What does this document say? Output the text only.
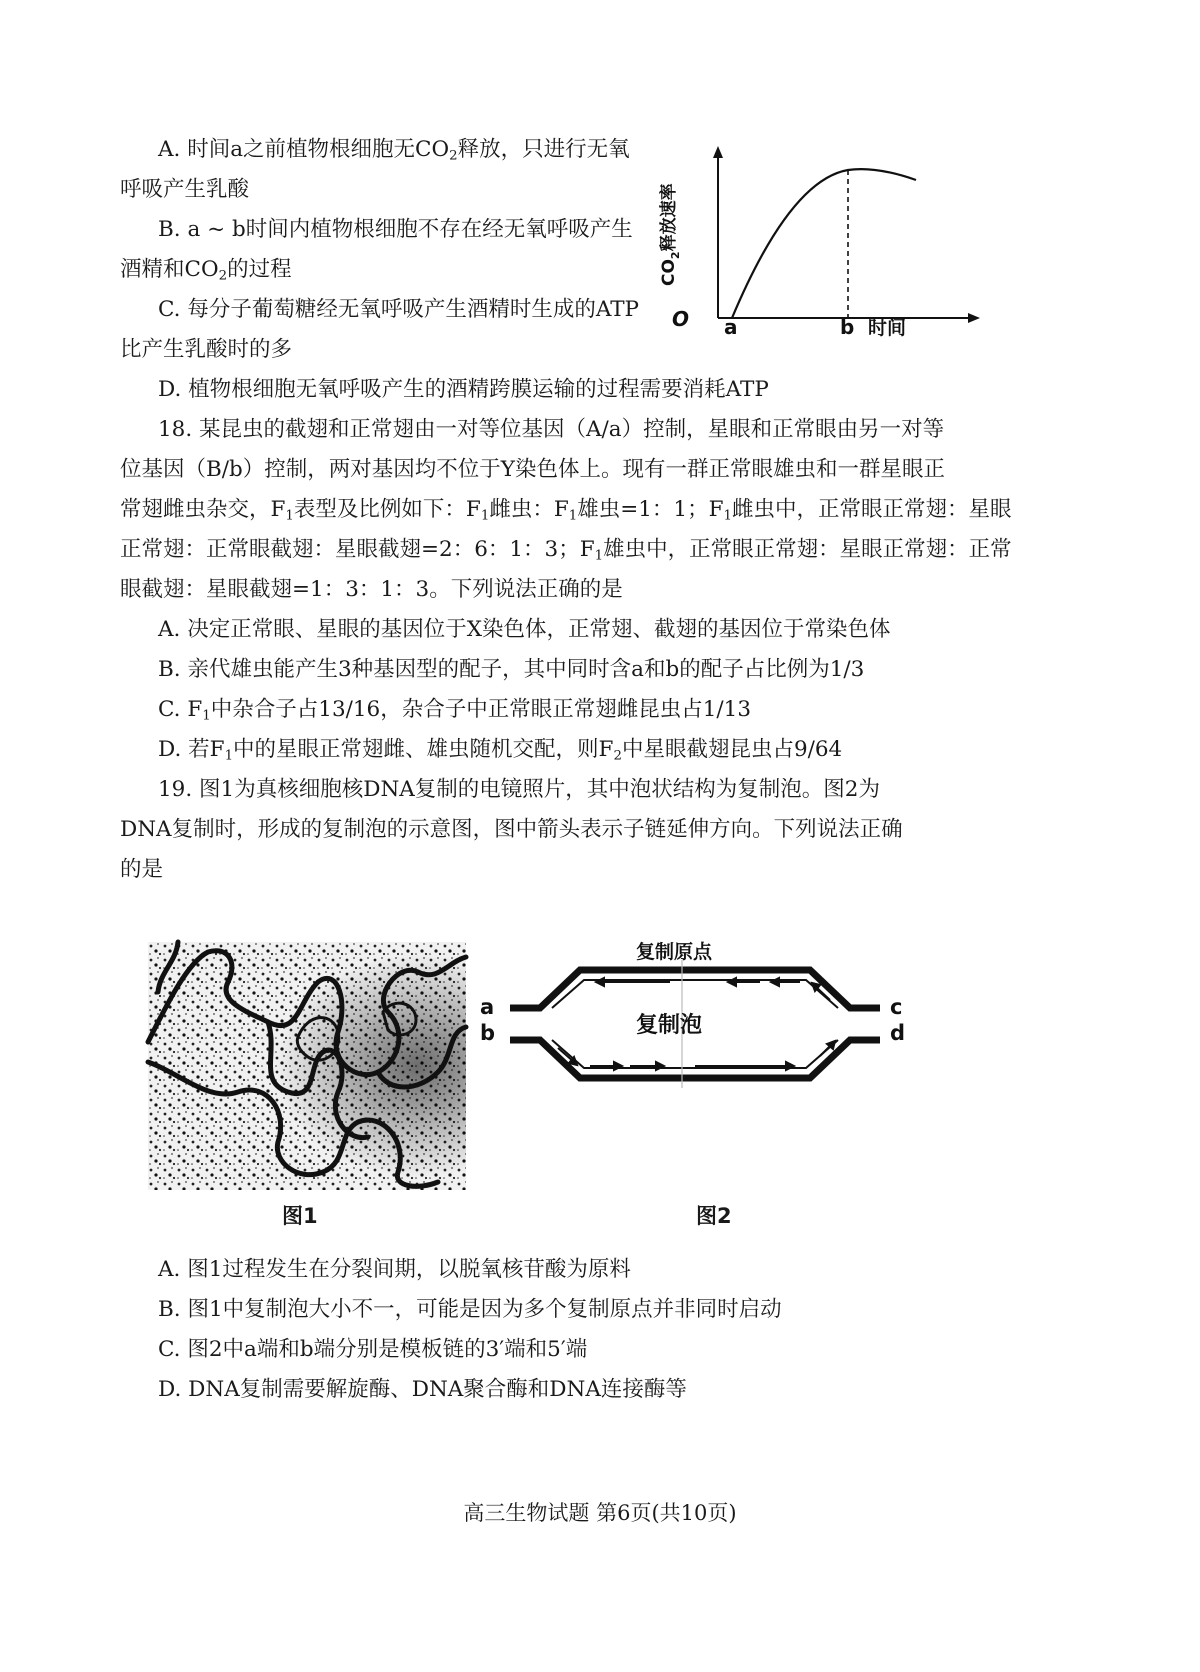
A. 时间a之前植物根细胞无$CO_2$释放，只进行无氧
呼吸产生乳酸
B. a ~ b时间内植物根细胞不存在经无氧呼吸产生
酒精和$CO_2$的过程
C. 每分子葡萄糖经无氧呼吸产生酒精时生成的ATP
比产生乳酸时的多
D. 植物根细胞无氧呼吸产生的酒精跨膜运输的过程需要消耗ATP
O a	b 时间
$CO_2$释放速率
18. 某昆虫的截翅和正常翅由一对等位基因（A/a）控制，星眼和正常眼由另一对等
位基因（B/b）控制，两对基因均不位于Y染色体上。现有一群正常眼雄虫和一群星眼正
常翅雌虫杂交，$F_1$表型及比例如下：$F_1$雌虫：$F_1$雄虫=1：1；$F_1$雌虫中，正常眼正常翅：星眼
正常翅：正常眼截翅：星眼截翅=2：6：1：3；$F_1$雄虫中，正常眼正常翅：星眼正常翅：正常
眼截翅：星眼截翅=1：3：1：3。下列说法正确的是
A. 决定正常眼、星眼的基因位于X染色体，正常翅、截翅的基因位于常染色体
B. 亲代雄虫能产生3种基因型的配子，其中同时含a和b的配子占比例为1/3
C. $F_1$中杂合子占13/16，杂合子中正常眼正常翅雌昆虫占1/13
D. 若$F_1$中的星眼正常翅雌、雄虫随机交配，则$F_2$中星眼截翅昆虫占9/64
19. 图1为真核细胞核DNA复制的电镜照片，其中泡状结构为复制泡。图2为
DNA复制时，形成的复制泡的示意图，图中箭头表示子链延伸方向。下列说法正确
的是
图1
复制原点
复制泡
a
b
c
d
图2
A. 图1过程发生在分裂间期，以脱氧核苷酸为原料
B. 图1中复制泡大小不一，可能是因为多个复制原点并非同时启动
C. 图2中a端和b端分别是模板链的3′端和5′端
D. DNA复制需要解旋酶、DNA聚合酶和DNA连接酶等
高三生物试题 第6页(共10页)
